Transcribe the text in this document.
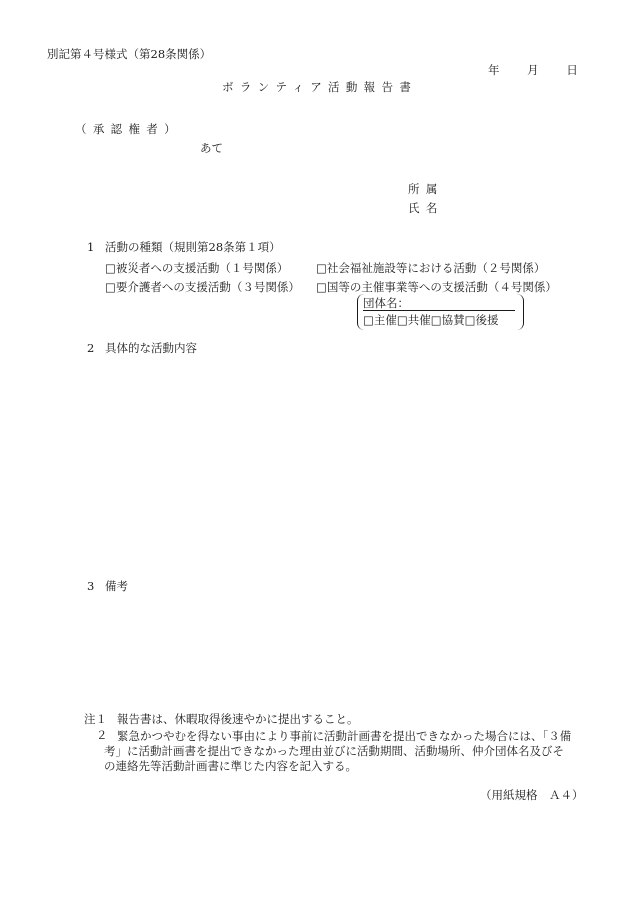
別記第４号様式（第28条関係）
年 月 日
ボランティア活動報告書
（承認権者）
あて
所属
氏名
1 活動の種類（規則第28条第１項）
□被災者への支援活動（１号関係） □社会福祉施設等における活動（２号関係）
□要介護者への支援活動（３号関係） □国等の主催事業等への支援活動（４号関係）
団体名：
□主催□共催□協賛□後援
2 具体的な活動内容
3 備考
注１ 報告書は、休暇取得後速やかに提出すること。
２ 緊急かつやむを得ない事由により事前に活動計画書を提出できなかった場合には、「３備考」に活動計画書を提出できなかった理由並びに活動期間、活動場所、仲介団体名及びその連絡先等活動計画書に準じた内容を記入する。
（用紙規格　Ａ４）
